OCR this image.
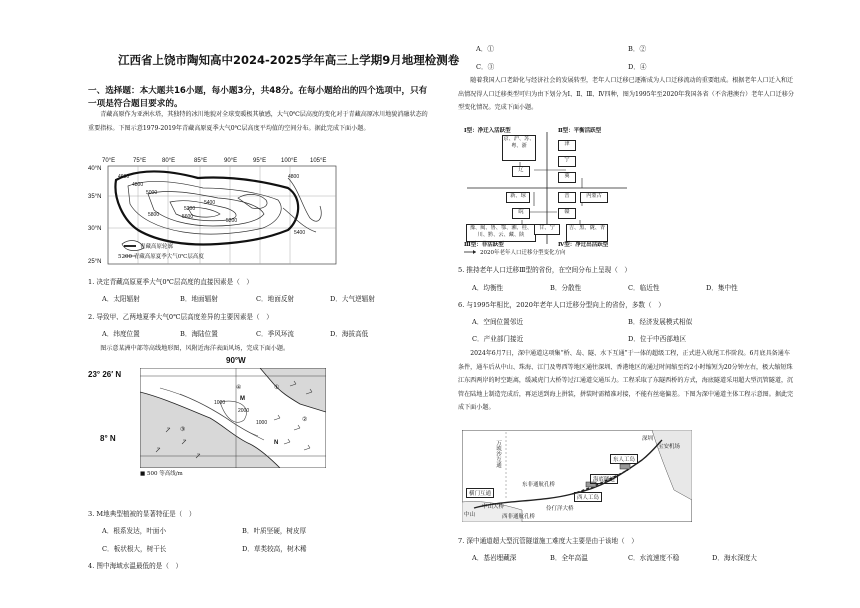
江西省上饶市陶知高中2024-2025学年高三上学期9月地理检测卷
一、选择题：本大题共16小题，每小题3分，共48分。在每小题给出的四个选项中，只有一项是符合题目要求的。
青藏高原作为亚洲水塔，其独特的冰川地貌对全球变暖极其敏感，大气0℃层高度的变化对于青藏高原冰川地貌消融状态的重要指标。下图示意1979-2019年青藏高原夏季大气0℃层高度平均值的空间分布。据此完成下面小题。
70°E	75°E	80°E	85°E	90°E	95°E 100°E 105°E
40°N
35°N
30°N
25°N
4600
4800
5000
5200
5400
5600
5800
5200
4800
5400
青藏高原轮廓
5200 青藏高原夏季大气0℃层高度
1. 决定青藏高原夏季大气0℃层高度的直接因素是（　）
A．太阳辐射	B．地面辐射	C．地面反射	D．大气逆辐射
2. 导致甲、乙两地夏季大气0℃层高度差异的主要因素是（　）
A．纬度位置	B．海陆位置	C．季风环流	D．海拔高低
图示意某洲中部等高线地形图，风附近海洋表面风场，完成下面小题。
90°W
23° 26′ N
8° N
1000
2000
1000
M
N
①
②
③
④
■ 500 等高线/m
3. M地典型植被的显著特征是（　）
A．根系发达，叶面小	B．叶质坚硬，树皮厚
C．板状根大，树干长	D．草类较高，树木稀
4. 图中海域水温最低的是（　）
A．①	B．②
C．③	D．④
随着我国人口老龄化与经济社会的发展转型，老年人口迁移已逐渐成为人口迁移流动的重要组成。根据老年人口迁入和迁出情况得人口迁移类型可归为由下划分为Ⅰ、Ⅱ、Ⅲ、Ⅳ四种，图为1995年至2020年我国各省（不含港澳台）老年人口迁移分型变化情况。完成下面小题。
Ⅰ型：净迁入活跃型	Ⅱ型：平衡活跃型
京、沪、苏、粤、浙	津
宁
辽
冀
新、琼	晋	内蒙古
皖	赣
豫、闽、鲁、鄂、湘、桂、川、黔、云、藏、陕
吉、黑、陇、青
甘、宁
Ⅲ型：非活跃型	Ⅳ型：净迁出活跃型
2020年老年人口迁移分型变化方向
5. 推持老年人口迁移Ⅲ型的省份，在空间分布上呈现（　）
A．均衡性	B．分散性	C．临近性	D．集中性
6. 与1995年相比，2020年老年人口迁移分型向上的省份，多数（　）
A．空间位置邻近	B．经济发展模式相似
C．产业部门接近	D．位于中西部地区
2024年6月7日，深中通道这项集“桥、岛、隧、水下互通”于一体的超级工程，正式进入收尾工作阶段。6月底具备通车条件，通车后从中山、珠海、江门及粤西等地区通往深圳、香港地区的通过时间缩至约2小时缩短为20分钟左右，极大缩短珠江东西两岸的时空距离，缓减虎门大桥等过江通道交通压力。工程采取了东隧西桥的方式，海底隧道采用超大型沉管隧道，沉管在陆地上制造完成后，再运送到海上拼装，拼装时需精准对接，不能有丝毫偏差。下图为深中通道主体工程示意图。据此完成下面小题。
深圳
宝安机场
东人工岛
海底隧道
西人工岛
东非通航孔桥
伶仃洋大桥
西非通航孔桥
中山大桥
横门互通
中山
万顷沙互通
7. 深中通道超大型沉管隧道施工难度大主要是由于该地（　）
A．基岩埋藏深	B．全年高温	C．水流速度不稳	D．海水深度大
